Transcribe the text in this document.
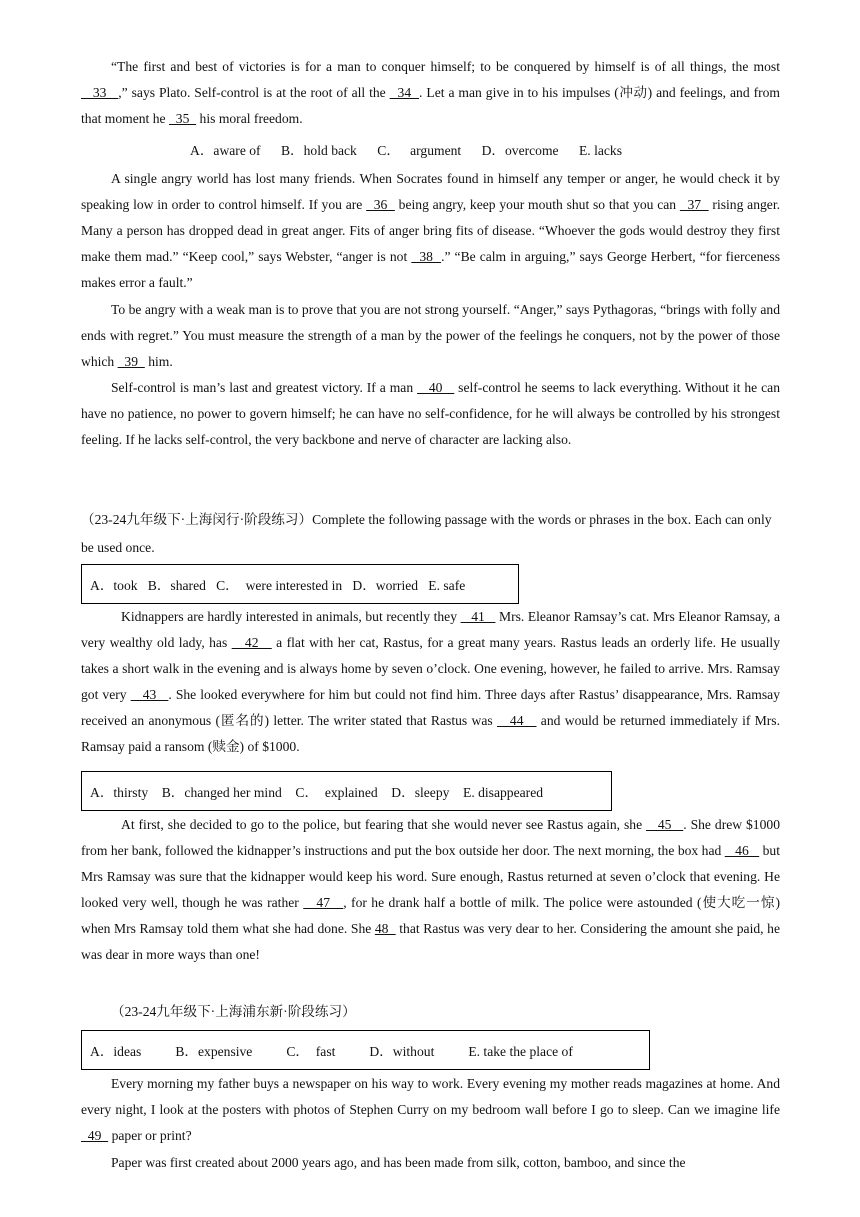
“The first and best of victories is for a man to conquer himself; to be conquered by himself is of all things, the most    33   ,” says Plato. Self-control is at the root of all the   34  . Let a man give in to his impulses (冲动) and feelings, and from that moment he   35   his moral freedom.

A．aware of      B．hold back      C．   argument      D．overcome      E. lacks

A single angry world has lost many friends. When Socrates found in himself any temper or anger, he would check it by speaking low in order to control himself. If you are   36   being angry, keep your mouth shut so that you can   37   rising anger. Many a person has dropped dead in great anger. Fits of anger bring fits of disease. “Whoever the gods would destroy they first make them mad.” “Keep cool,” says Webster, “anger is not   38  .” “Be calm in arguing,” says George Herbert, “for fierceness makes error a fault.”

To be angry with a weak man is to prove that you are not strong yourself. “Anger,” says Pythagoras, “brings with folly and ends with regret.” You must measure the strength of a man by the power of the feelings he conquers, not by the power of those which   39   him.

Self-control is man’s last and greatest victory. If a man    40    self-control he seems to lack everything. Without it he can have no patience, no power to govern himself; he can have no self-confidence, for he will always be controlled by his strongest feeling. If he lacks self-control, the very backbone and nerve of character are lacking also.

（23-24九年级下·上海闵行·阶段练习）Complete the following passage with the words or phrases in the box. Each can only be used once.

A．took   B．shared   C．  were interested in   D．worried   E. safe

Kidnappers are hardly interested in animals, but recently they    41    Mrs. Eleanor Ramsay’s cat. Mrs Eleanor Ramsay, a very wealthy old lady, has    42    a flat with her cat, Rastus, for a great many years. Rastus leads an orderly life. He usually takes a short walk in the evening and is always home by seven o’clock. One evening, however, he failed to arrive. Mrs. Ramsay got very    43   . She looked everywhere for him but could not find him. Three days after Rastus’ disappearance, Mrs. Ramsay received an anonymous (匿名的) letter. The writer stated that Rastus was    44    and would be returned immediately if Mrs. Ramsay paid a ransom (赎金) of $1000.

A．thirsty    B．changed her mind    C．  explained    D．sleepy    E. disappeared

At first, she decided to go to the police, but fearing that she would never see Rastus again, she    45   . She drew $1000 from her bank, followed the kidnapper’s instructions and put the box outside her door. The next morning, the box had    46    but Mrs Ramsay was sure that the kidnapper would keep his word. Sure enough, Rastus returned at seven o’clock that evening. He looked very well, though he was rather    47   , for he drank half a bottle of milk. The police were astounded (使大吃一惊) when Mrs Ramsay told them what she had done. She 48   that Rastus was very dear to her. Considering the amount she paid, he was dear in more ways than one!

（23-24九年级下·上海浦东新·阶段练习）

A．ideas          B．expensive          C．  fast          D．without          E. take the place of

Every morning my father buys a newspaper on his way to work. Every evening my mother reads magazines at home. And every night, I look at the posters with photos of Stephen Curry on my bedroom wall before I go to sleep. Can we imagine life   49   paper or print?

Paper was first created about 2000 years ago, and has been made from silk, cotton, bamboo, and since the
